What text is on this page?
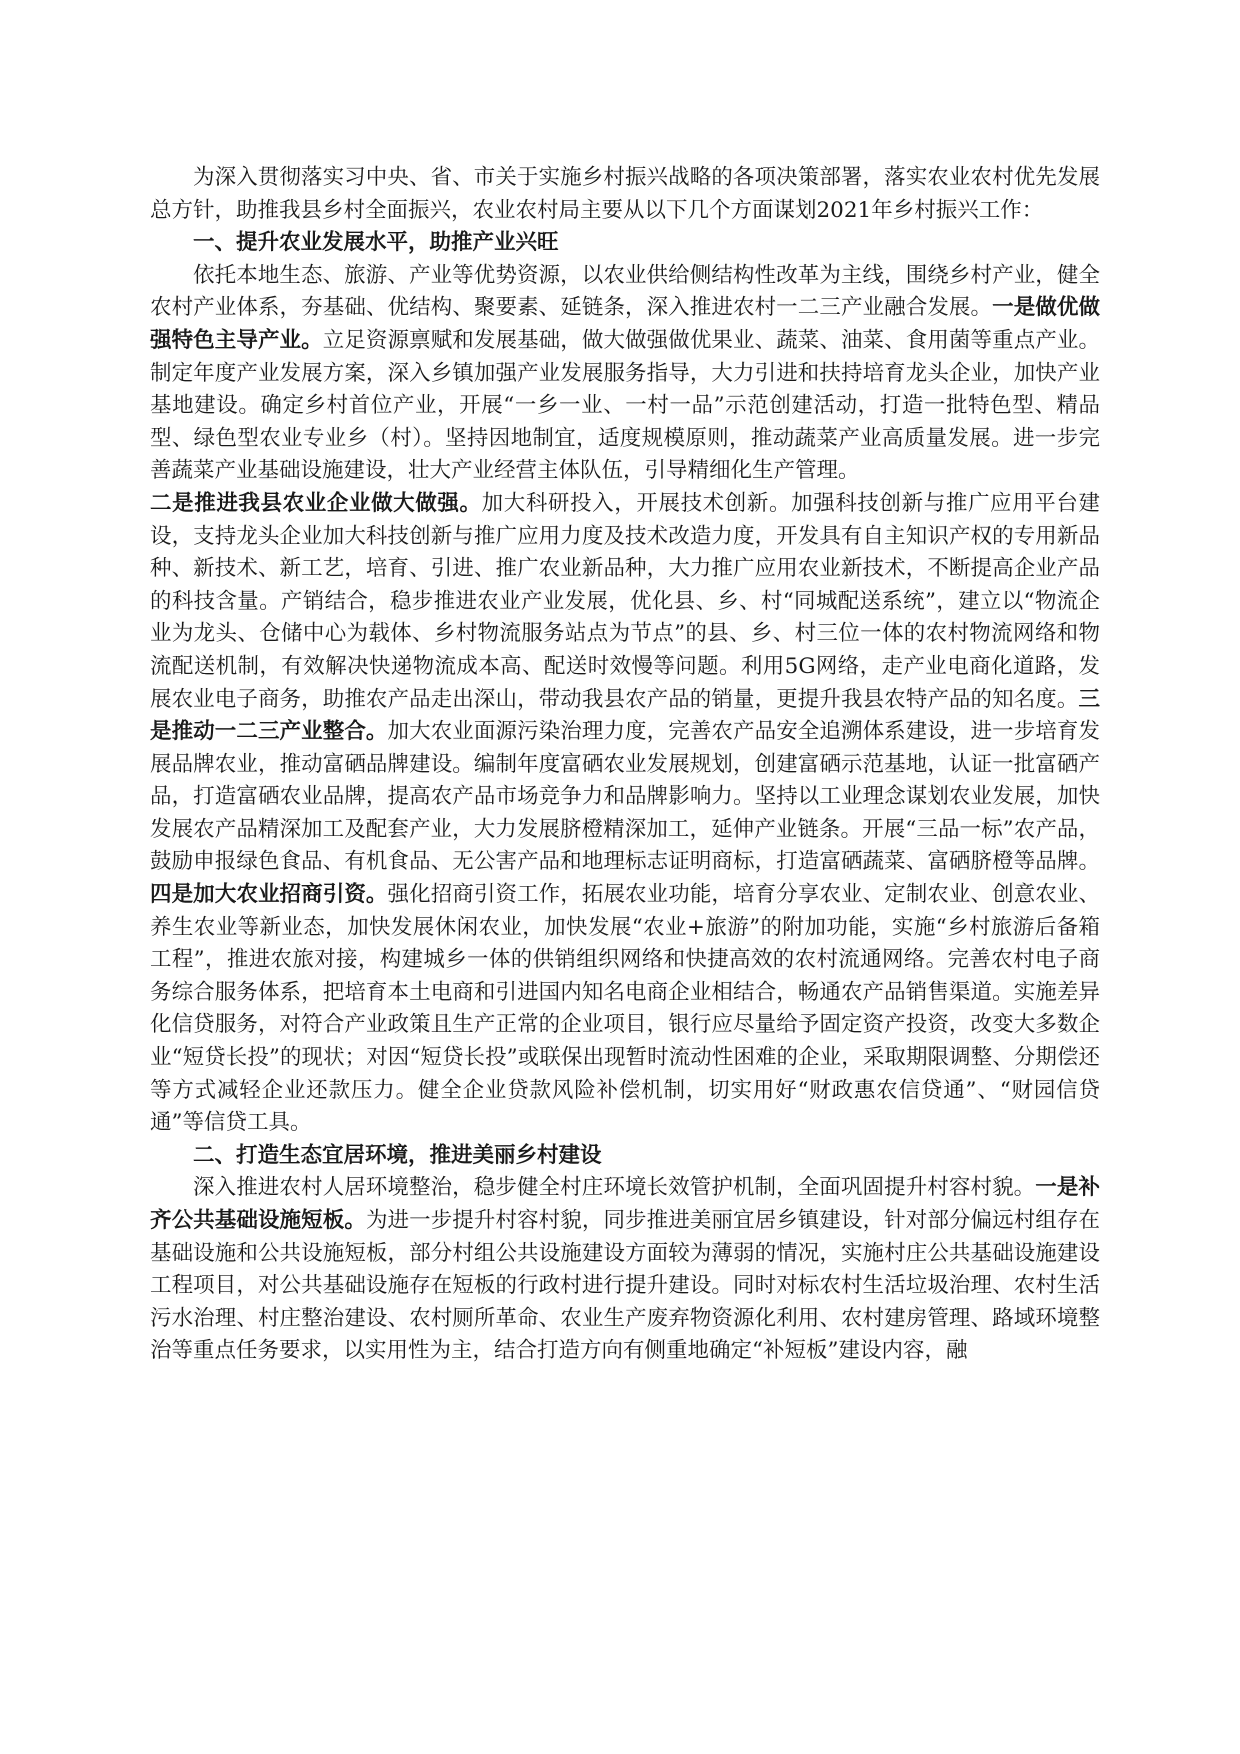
为深入贯彻落实习中央、省、市关于实施乡村振兴战略的各项决策部署，落实农业农村优先发展总方针，助推我县乡村全面振兴，农业农村局主要从以下几个方面谋划2021年乡村振兴工作：

一、提升农业发展水平，助推产业兴旺

依托本地生态、旅游、产业等优势资源，以农业供给侧结构性改革为主线，围绕乡村产业，健全农村产业体系，夯基础、优结构、聚要素、延链条，深入推进农村一二三产业融合发展。一是做优做强特色主导产业。立足资源禀赋和发展基础，做大做强做优果业、蔬菜、油菜、食用菌等重点产业。制定年度产业发展方案，深入乡镇加强产业发展服务指导，大力引进和扶持培育龙头企业，加快产业基地建设。确定乡村首位产业，开展“一乡一业、一村一品”示范创建活动，打造一批特色型、精品型、绿色型农业专业乡（村）。坚持因地制宜，适度规模原则，推动蔬菜产业高质量发展。进一步完善蔬菜产业基础设施建设，壮大产业经营主体队伍，引导精细化生产管理。

二是推进我县农业企业做大做强。加大科研投入，开展技术创新。加强科技创新与推广应用平台建设，支持龙头企业加大科技创新与推广应用力度及技术改造力度，开发具有自主知识产权的专用新品种、新技术、新工艺，培育、引进、推广农业新品种，大力推广应用农业新技术，不断提高企业产品的科技含量。产销结合，稳步推进农业产业发展，优化县、乡、村“同城配送系统”，建立以“物流企业为龙头、仓储中心为载体、乡村物流服务站点为节点”的县、乡、村三位一体的农村物流网络和物流配送机制，有效解决快递物流成本高、配送时效慢等问题。利用5G网络，走产业电商化道路，发展农业电子商务，助推农产品走出深山，带动我县农产品的销量，更提升我县农特产品的知名度。三是推动一二三产业整合。加大农业面源污染治理力度，完善农产品安全追溯体系建设，进一步培育发展品牌农业，推动富硒品牌建设。编制年度富硒农业发展规划，创建富硒示范基地，认证一批富硒产品，打造富硒农业品牌，提高农产品市场竞争力和品牌影响力。坚持以工业理念谋划农业发展，加快发展农产品精深加工及配套产业，大力发展脐橙精深加工，延伸产业链条。开展“三品一标”农产品，鼓励申报绿色食品、有机食品、无公害产品和地理标志证明商标，打造富硒蔬菜、富硒脐橙等品牌。四是加大农业招商引资。强化招商引资工作，拓展农业功能，培育分享农业、定制农业、创意农业、养生农业等新业态，加快发展休闲农业，加快发展“农业+旅游”的附加功能，实施“乡村旅游后备箱工程”，推进农旅对接，构建城乡一体的供销组织网络和快捷高效的农村流通网络。完善农村电子商务综合服务体系，把培育本土电商和引进国内知名电商企业相结合，畅通农产品销售渠道。实施差异化信贷服务，对符合产业政策且生产正常的企业项目，银行应尽量给予固定资产投资，改变大多数企业“短贷长投”的现状；对因“短贷长投”或联保出现暂时流动性困难的企业，采取期限调整、分期偿还等方式减轻企业还款压力。健全企业贷款风险补偿机制，切实用好“财政惠农信贷通”、“财园信贷通”等信贷工具。

二、打造生态宜居环境，推进美丽乡村建设

深入推进农村人居环境整治，稳步健全村庄环境长效管护机制，全面巩固提升村容村貌。一是补齐公共基础设施短板。为进一步提升村容村貌，同步推进美丽宜居乡镇建设，针对部分偏远村组存在基础设施和公共设施短板，部分村组公共设施建设方面较为薄弱的情况，实施村庄公共基础设施建设工程项目，对公共基础设施存在短板的行政村进行提升建设。同时对标农村生活垃圾治理、农村生活污水治理、村庄整治建设、农村厕所革命、农业生产废弃物资源化利用、农村建房管理、路域环境整治等重点任务要求，以实用性为主，结合打造方向有侧重地确定“补短板”建设内容，融
